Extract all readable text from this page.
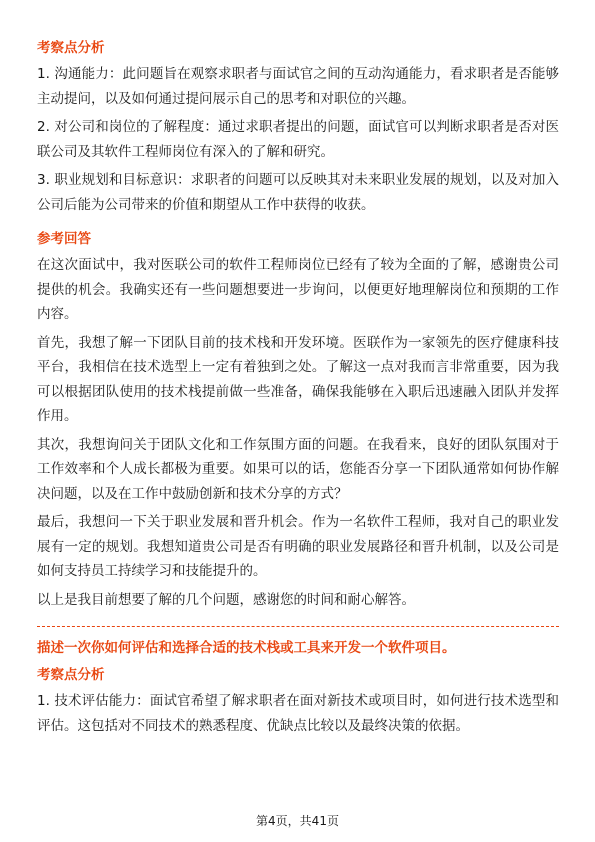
考察点分析
1. 沟通能力：此问题旨在观察求职者与面试官之间的互动沟通能力，看求职者是否能够主动提问，以及如何通过提问展示自己的思考和对职位的兴趣。
2. 对公司和岗位的了解程度：通过求职者提出的问题，面试官可以判断求职者是否对医联公司及其软件工程师岗位有深入的了解和研究。
3. 职业规划和目标意识：求职者的问题可以反映其对未来职业发展的规划，以及对加入公司后能为公司带来的价值和期望从工作中获得的收获。
参考回答
在这次面试中，我对医联公司的软件工程师岗位已经有了较为全面的了解，感谢贵公司提供的机会。我确实还有一些问题想要进一步询问，以便更好地理解岗位和预期的工作内容。
首先，我想了解一下团队目前的技术栈和开发环境。医联作为一家领先的医疗健康科技平台，我相信在技术选型上一定有着独到之处。了解这一点对我而言非常重要，因为我可以根据团队使用的技术栈提前做一些准备，确保我能够在入职后迅速融入团队并发挥作用。
其次，我想询问关于团队文化和工作氛围方面的问题。在我看来，良好的团队氛围对于工作效率和个人成长都极为重要。如果可以的话，您能否分享一下团队通常如何协作解决问题，以及在工作中鼓励创新和技术分享的方式？
最后，我想问一下关于职业发展和晋升机会。作为一名软件工程师，我对自己的职业发展有一定的规划。我想知道贵公司是否有明确的职业发展路径和晋升机制，以及公司是如何支持员工持续学习和技能提升的。
以上是我目前想要了解的几个问题，感谢您的时间和耐心解答。
描述一次你如何评估和选择合适的技术栈或工具来开发一个软件项目。
考察点分析
1. 技术评估能力：面试官希望了解求职者在面对新技术或项目时，如何进行技术选型和评估。这包括对不同技术的熟悉程度、优缺点比较以及最终决策的依据。
第4页，共41页
